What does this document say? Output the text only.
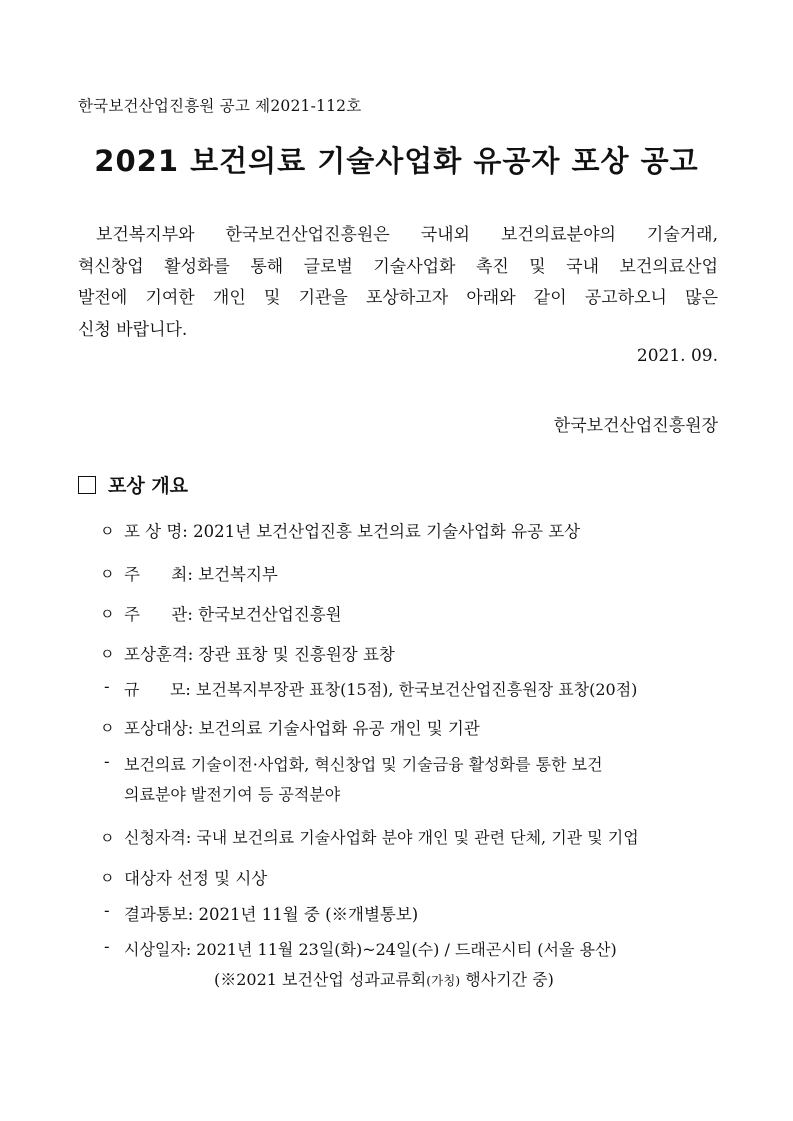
한국보건산업진흥원 공고 제2021-112호
2021 보건의료 기술사업화 유공자 포상 공고
보건복지부와 한국보건산업진흥원은 국내외 보건의료분야의 기술거래,
혁신창업 활성화를 통해 글로벌 기술사업화 촉진 및 국내 보건의료산업
발전에 기여한 개인 및 기관을 포상하고자 아래와 같이 공고하오니 많은
신청 바랍니다.
2021. 09.
한국보건산업진흥원장
포상 개요
ㅇ 포 상 명: 2021년 보건산업진흥 보건의료 기술사업화 유공 포상
ㅇ 주      최: 보건복지부
ㅇ 주      관: 한국보건산업진흥원
ㅇ 포상훈격: 장관 표창 및 진흥원장 표창
- 규      모: 보건복지부장관 표창(15점), 한국보건산업진흥원장 표창(20점)
ㅇ 포상대상: 보건의료 기술사업화 유공 개인 및 기관
- 보건의료 기술이전·사업화, 혁신창업 및 기술금융 활성화를 통한 보건
의료분야 발전기여 등 공적분야
ㅇ 신청자격: 국내 보건의료 기술사업화 분야 개인 및 관련 단체, 기관 및 기업
ㅇ 대상자 선정 및 시상
- 결과통보: 2021년 11월 중 (※개별통보)
- 시상일자: 2021년 11월 23일(화)~24일(수) / 드래곤시티 (서울 용산)
(※2021 보건산업 성과교류회(가칭) 행사기간 중)
